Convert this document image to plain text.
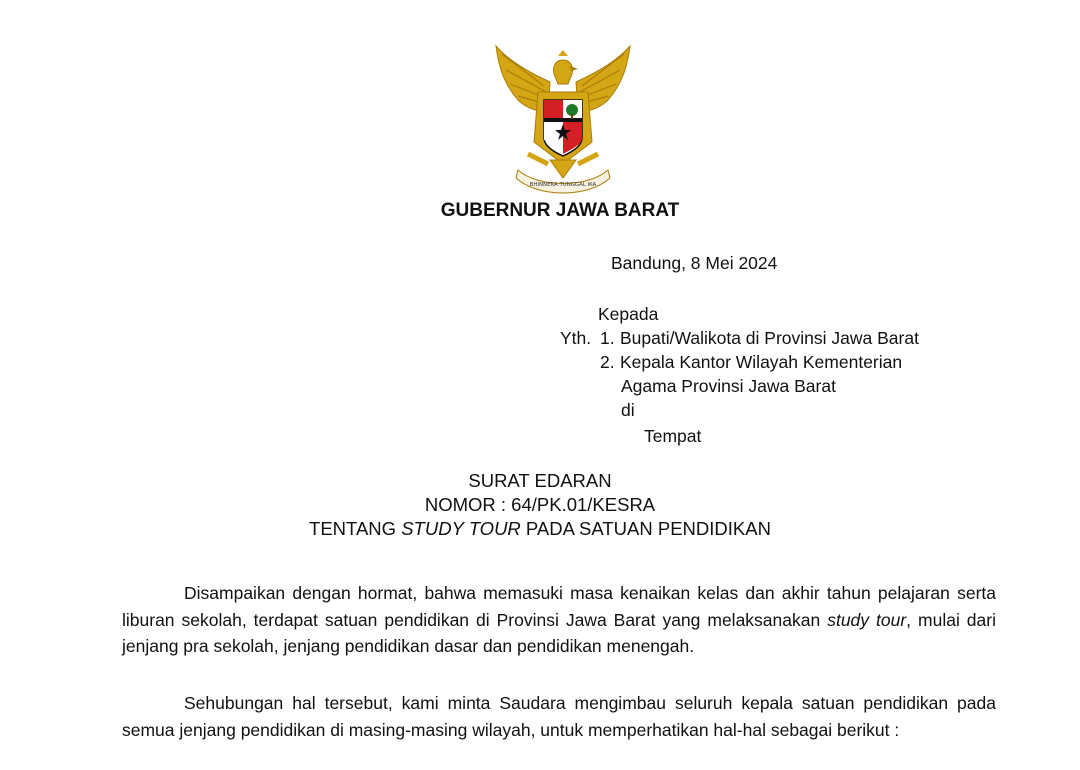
BHINNEKA TUNGGAL IKA
GUBERNUR JAWA BARAT
Bandung, 8 Mei 2024
Kepada
Yth. 1. Bupati/Walikota di Provinsi Jawa Barat
2. Kepala Kantor Wilayah Kementerian
Agama Provinsi Jawa Barat
di
Tempat
SURAT EDARAN
NOMOR : 64/PK.01/KESRA
TENTANG STUDY TOUR PADA SATUAN PENDIDIKAN
Disampaikan dengan hormat, bahwa memasuki masa kenaikan kelas dan akhir tahun pelajaran serta liburan sekolah, terdapat satuan pendidikan di Provinsi Jawa Barat yang melaksanakan study tour, mulai dari jenjang pra sekolah, jenjang pendidikan dasar dan pendidikan menengah.
Sehubungan hal tersebut, kami minta Saudara mengimbau seluruh kepala satuan pendidikan pada semua jenjang pendidikan di masing-masing wilayah, untuk memperhatikan hal-hal sebagai berikut :
